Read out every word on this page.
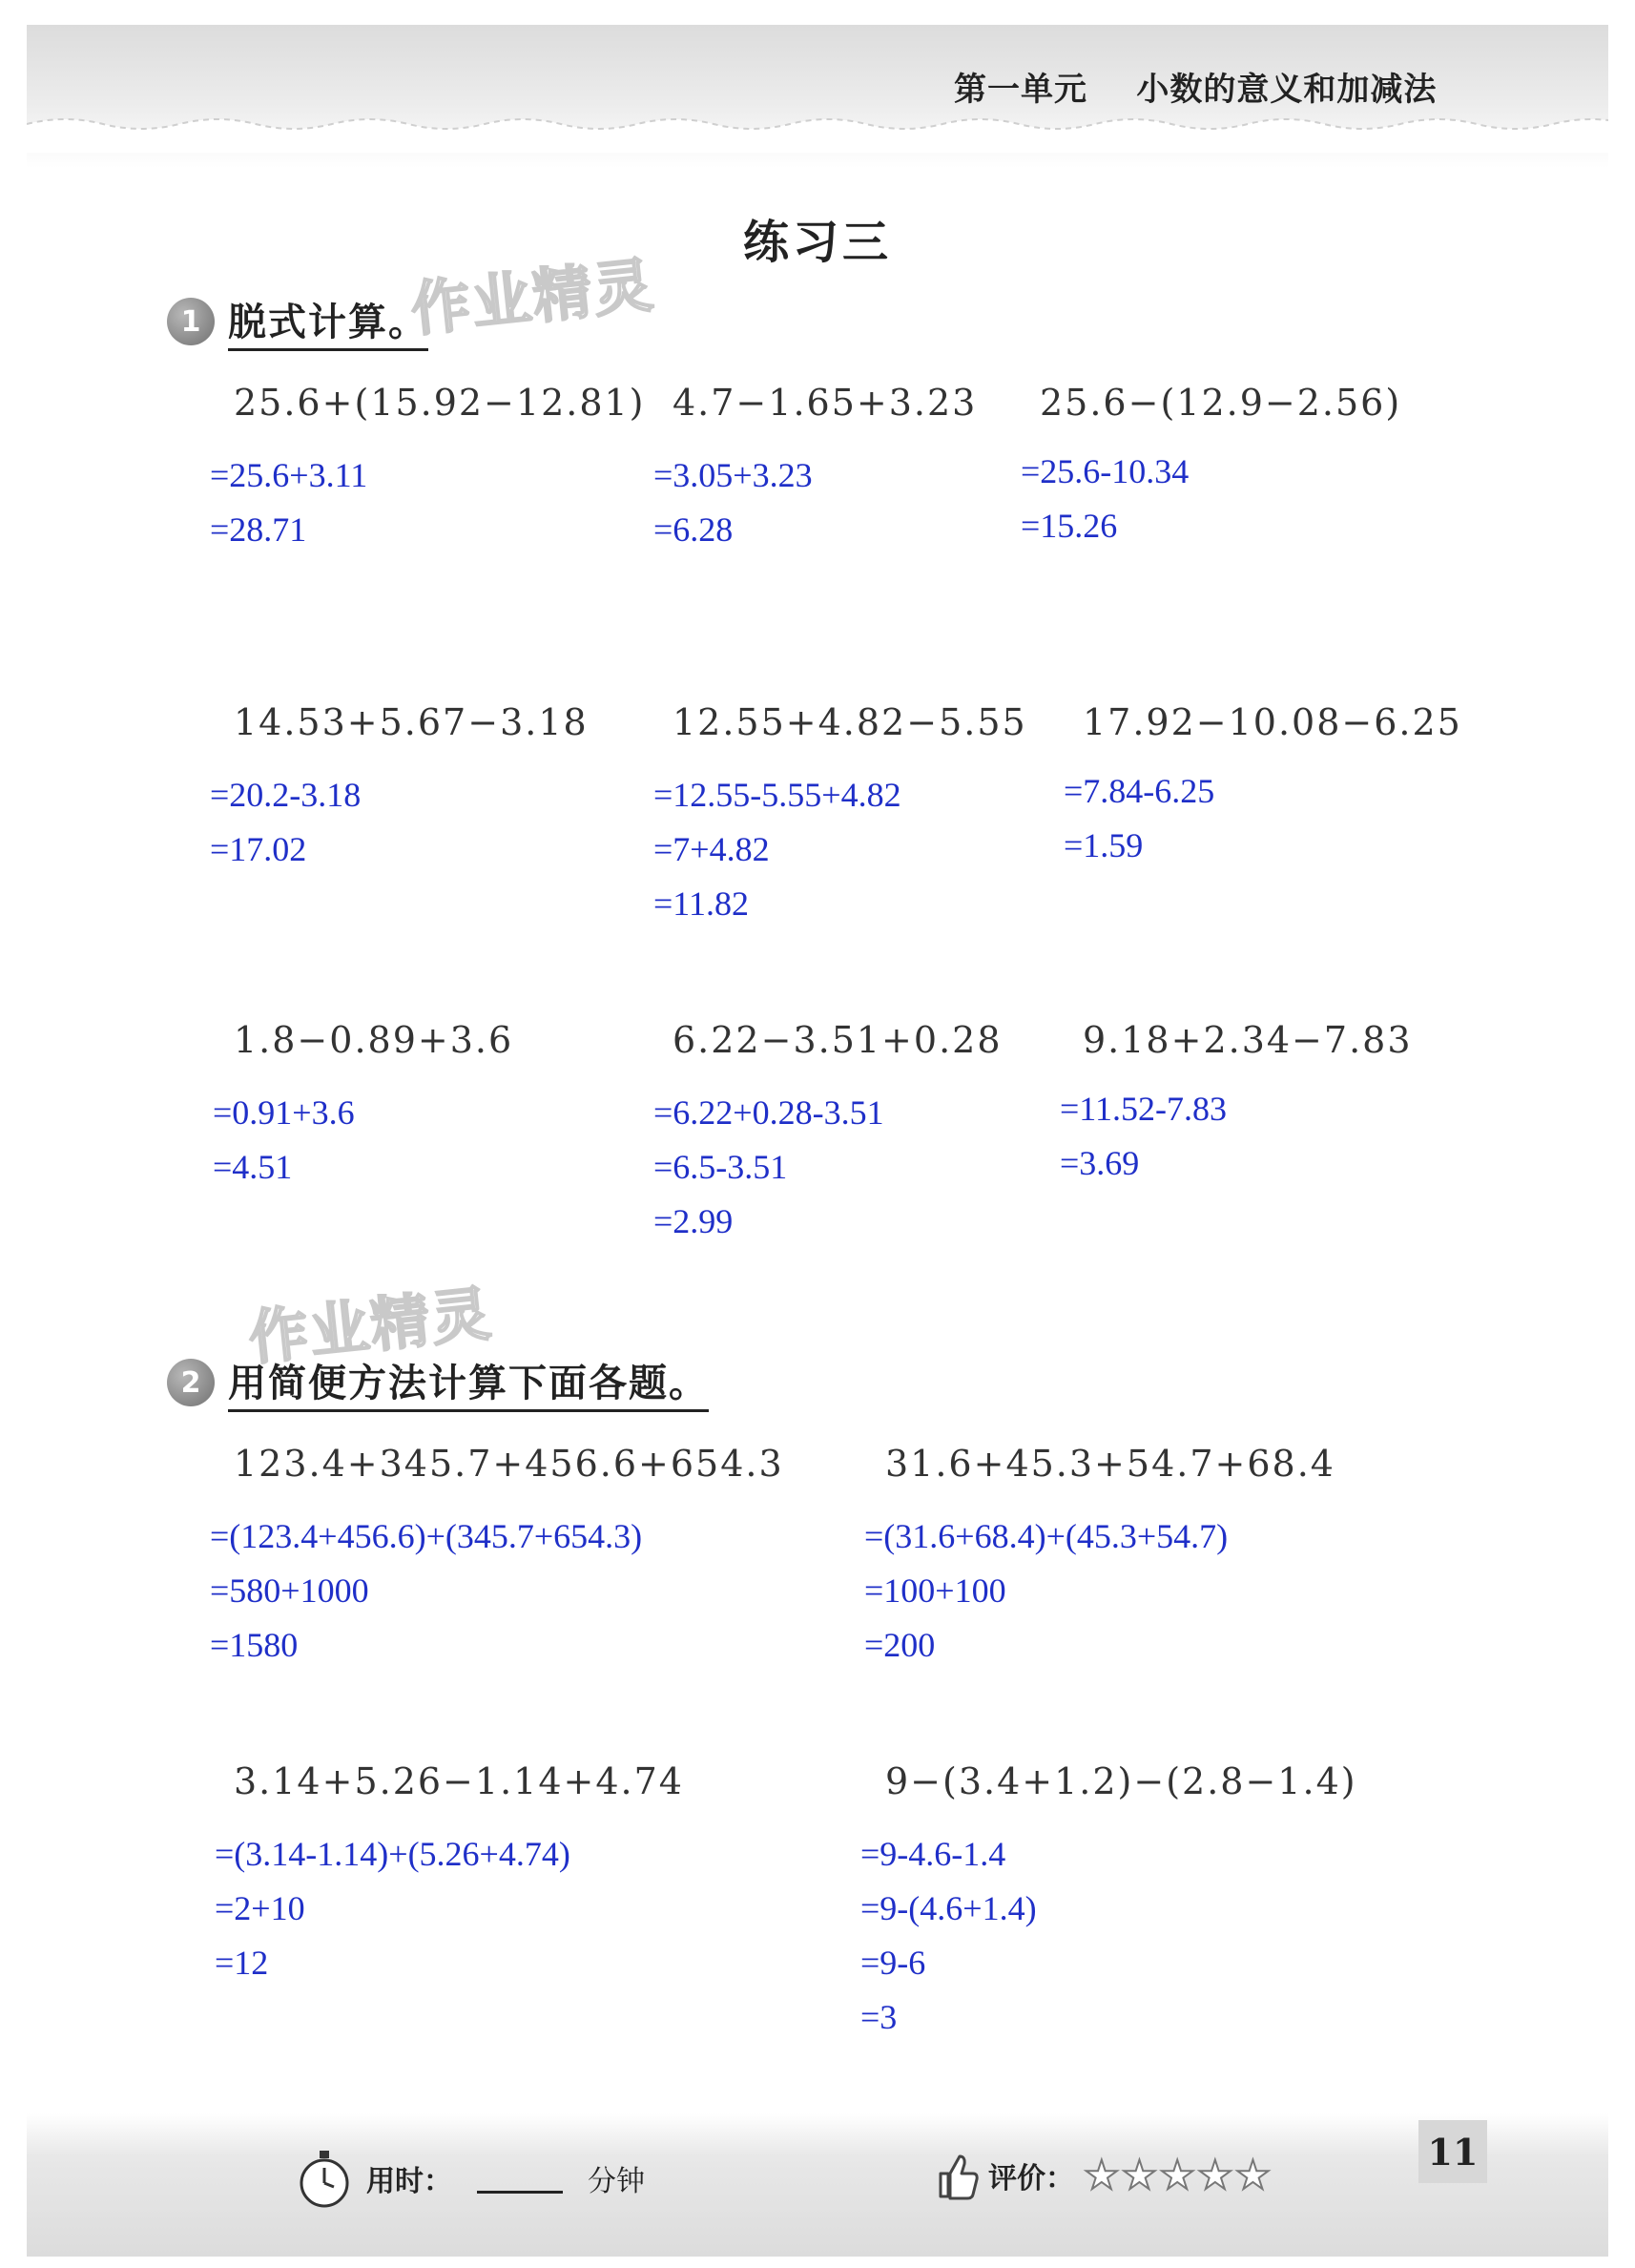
第一单元    小数的意义和加减法
练习三
作业精灵
作业精灵
1 脱式计算。
25.6+(15.92−12.81)
=25.6+3.11
=28.71
4.7−1.65+3.23
=3.05+3.23
=6.28
25.6−(12.9−2.56)
=25.6-10.34
=15.26
14.53+5.67−3.18
=20.2-3.18
=17.02
12.55+4.82−5.55
=12.55-5.55+4.82
=7+4.82
=11.82
17.92−10.08−6.25
=7.84-6.25
=1.59
1.8−0.89+3.6
=0.91+3.6
=4.51
6.22−3.51+0.28
=6.22+0.28-3.51
=6.5-3.51
=2.99
9.18+2.34−7.83
=11.52-7.83
=3.69
2 用简便方法计算下面各题。
123.4+345.7+456.6+654.3
=(123.4+456.6)+(345.7+654.3)
=580+1000
=1580
31.6+45.3+54.7+68.4
=(31.6+68.4)+(45.3+54.7)
=100+100
=200
3.14+5.26−1.14+4.74
=(3.14-1.14)+(5.26+4.74)
=2+10
=12
9−(3.4+1.2)−(2.8−1.4)
=9-4.6-1.4
=9-(4.6+1.4)
=9-6
=3
用时：	分钟	评价： ★ ★ ★ ★ ★	11
